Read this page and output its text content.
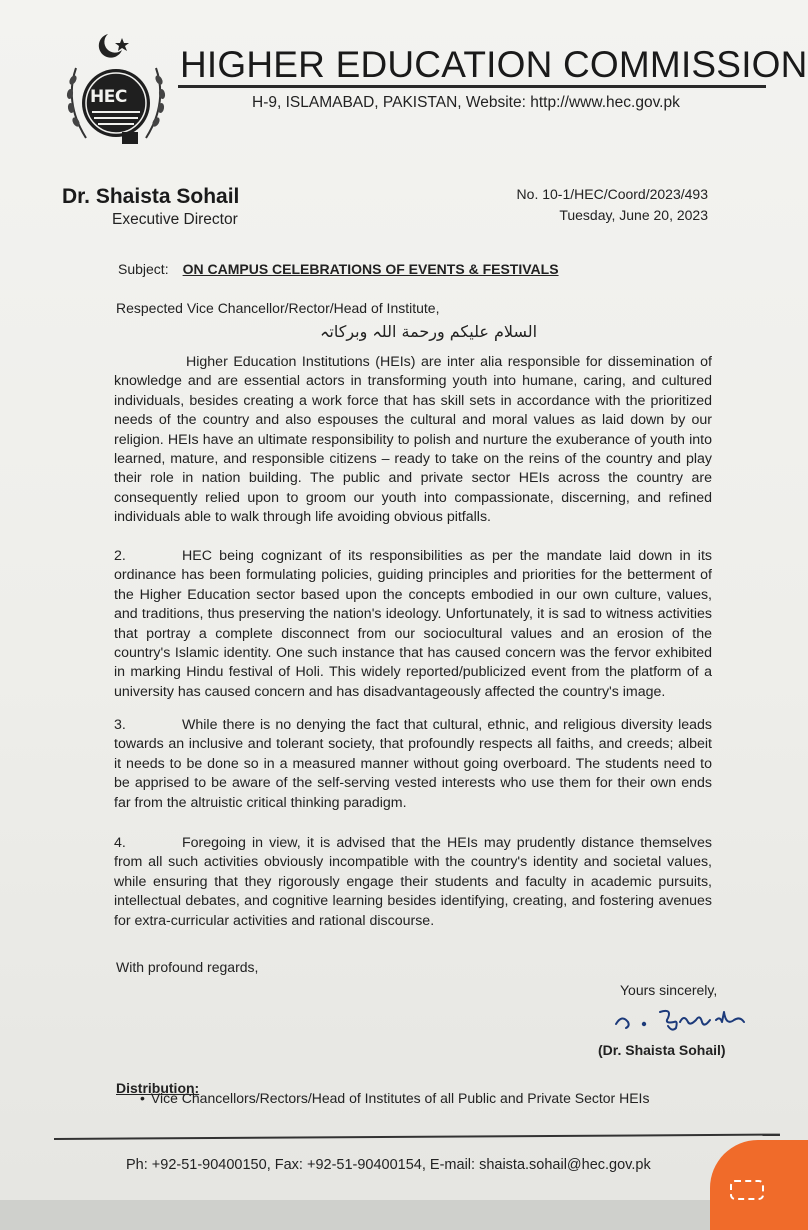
HEC
HIGHER EDUCATION COMMISSION
H-9, ISLAMABAD, PAKISTAN, Website: http://www.hec.gov.pk
Dr. Shaista Sohail
Executive Director
No. 10-1/HEC/Coord/2023/493
Tuesday, June 20, 2023
Subject: ON CAMPUS CELEBRATIONS OF EVENTS & FESTIVALS
Respected Vice Chancellor/Rector/Head of Institute,
السلام علیکم ورحمة اللہ وبرکاتہ
Higher Education Institutions (HEIs) are inter alia responsible for dissemination of knowledge and are essential actors in transforming youth into humane, caring, and cultured individuals, besides creating a work force that has skill sets in accordance with the prioritized needs of the country and also espouses the cultural and moral values as laid down by our religion. HEIs have an ultimate responsibility to polish and nurture the exuberance of youth into learned, mature, and responsible citizens – ready to take on the reins of the country and play their role in nation building. The public and private sector HEIs across the country are consequently relied upon to groom our youth into compassionate, discerning, and refined individuals able to walk through life avoiding obvious pitfalls.
2.	HEC being cognizant of its responsibilities as per the mandate laid down in its ordinance has been formulating policies, guiding principles and priorities for the betterment of the Higher Education sector based upon the concepts embodied in our own culture, values, and traditions, thus preserving the nation's ideology. Unfortunately, it is sad to witness activities that portray a complete disconnect from our sociocultural values and an erosion of the country's Islamic identity. One such instance that has caused concern was the fervor exhibited in marking Hindu festival of Holi. This widely reported/publicized event from the platform of a university has caused concern and has disadvantageously affected the country's image.
3.	While there is no denying the fact that cultural, ethnic, and religious diversity leads towards an inclusive and tolerant society, that profoundly respects all faiths, and creeds; albeit it needs to be done so in a measured manner without going overboard. The students need to be apprised to be aware of the self-serving vested interests who use them for their own ends far from the altruistic critical thinking paradigm.
4.	Foregoing in view, it is advised that the HEIs may prudently distance themselves from all such activities obviously incompatible with the country's identity and societal values, while ensuring that they rigorously engage their students and faculty in academic pursuits, intellectual debates, and cognitive learning besides identifying, creating, and fostering avenues for extra-curricular activities and rational discourse.
With profound regards,
Yours sincerely,
(Dr. Shaista Sohail)
Distribution:
• Vice Chancellors/Rectors/Head of Institutes of all Public and Private Sector HEIs
Ph: +92-51-90400150, Fax: +92-51-90400154, E-mail: shaista.sohail@hec.gov.pk
